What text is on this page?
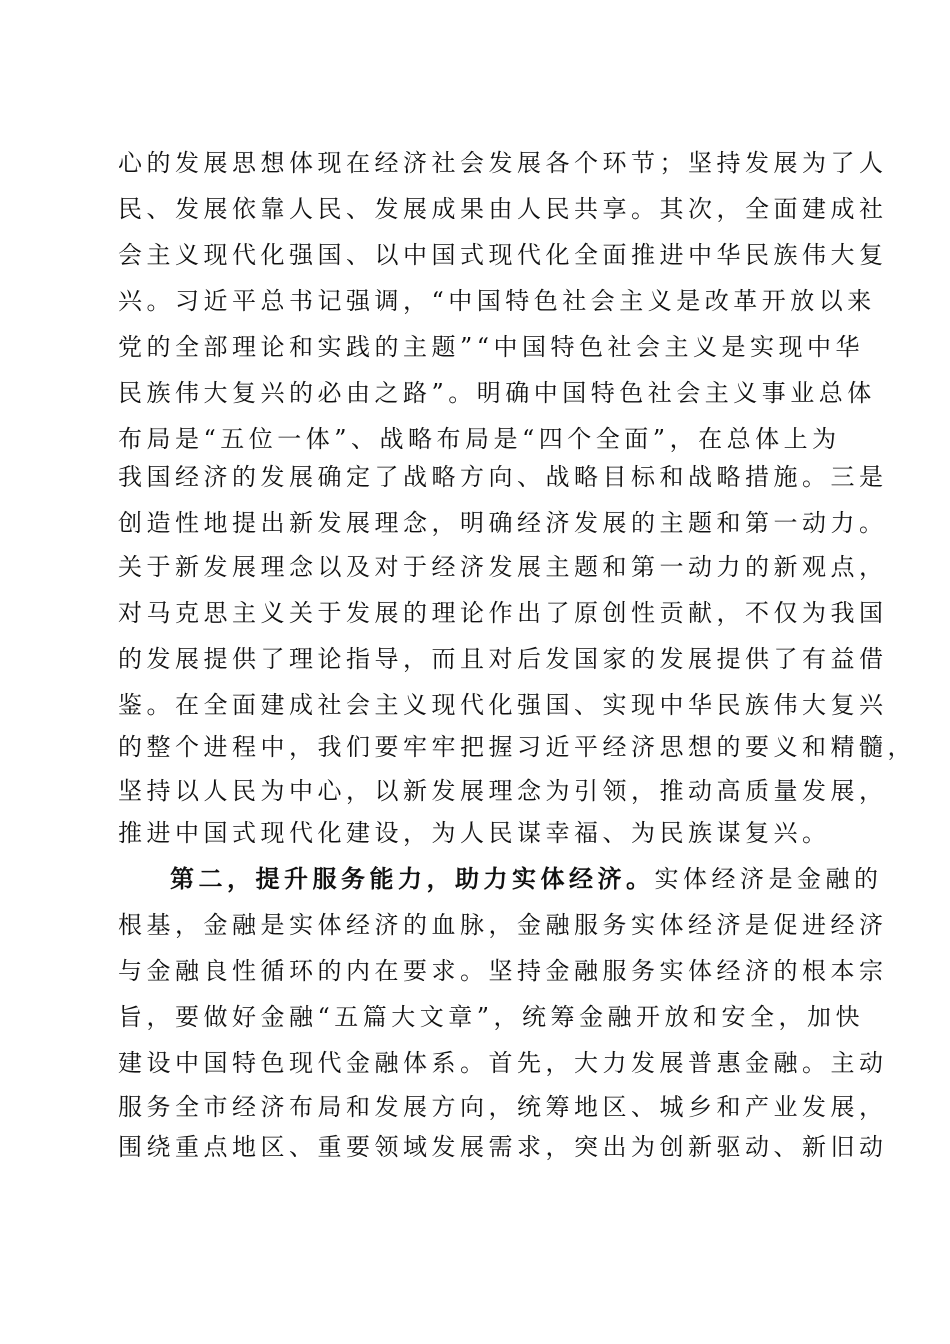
心的发展思想体现在经济社会发展各个环节；坚持发展为了人
民、发展依靠人民、发展成果由人民共享。其次，全面建成社
会主义现代化强国、以中国式现代化全面推进中华民族伟大复
兴。习近平总书记强调，“中国特色社会主义是改革开放以来
党的全部理论和实践的主题”“中国特色社会主义是实现中华
民族伟大复兴的必由之路”。明确中国特色社会主义事业总体
布局是“五位一体”、战略布局是“四个全面”，在总体上为
我国经济的发展确定了战略方向、战略目标和战略措施。三是
创造性地提出新发展理念，明确经济发展的主题和第一动力。
关于新发展理念以及对于经济发展主题和第一动力的新观点，
对马克思主义关于发展的理论作出了原创性贡献，不仅为我国
的发展提供了理论指导，而且对后发国家的发展提供了有益借
鉴。在全面建成社会主义现代化强国、实现中华民族伟大复兴
的整个进程中，我们要牢牢把握习近平经济思想的要义和精髓，
坚持以人民为中心，以新发展理念为引领，推动高质量发展，
推进中国式现代化建设，为人民谋幸福、为民族谋复兴。
第二，提升服务能力，助力实体经济。实体经济是金融的
根基，金融是实体经济的血脉，金融服务实体经济是促进经济
与金融良性循环的内在要求。坚持金融服务实体经济的根本宗
旨，要做好金融“五篇大文章”，统筹金融开放和安全，加快
建设中国特色现代金融体系。首先，大力发展普惠金融。主动
服务全市经济布局和发展方向，统筹地区、城乡和产业发展，
围绕重点地区、重要领域发展需求，突出为创新驱动、新旧动
